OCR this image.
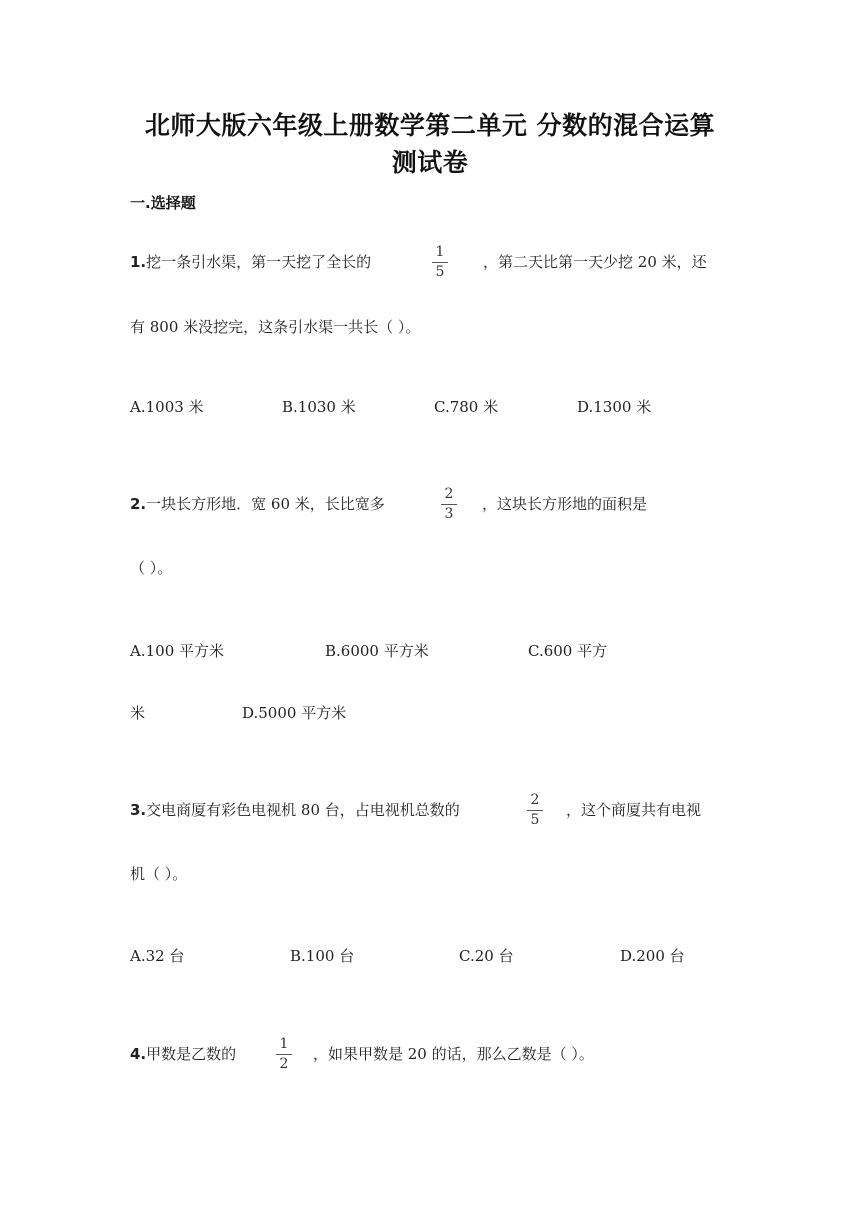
北师大版六年级上册数学第二单元 分数的混合运算
测试卷
一.选择题
1.挖一条引水渠，第一天挖了全长的
1
5
，第二天比第一天少挖 20 米，还
有 800 米没挖完，这条引水渠一共长（ ）。
A.1003 米	B.1030 米	C.780 米	D.1300 米
2.一块长方形地．宽 60 米，长比宽多
2
3
，这块长方形地的面积是
（ ）。
A.100 平方米	B.6000 平方米	C.600 平方
米	D.5000 平方米
3.交电商厦有彩色电视机 80 台，占电视机总数的
2
5
，这个商厦共有电视
机（ ）。
A.32 台	B.100 台	C.20 台	D.200 台
4.甲数是乙数的
1
2
，如果甲数是 20 的话，那么乙数是（ ）。
